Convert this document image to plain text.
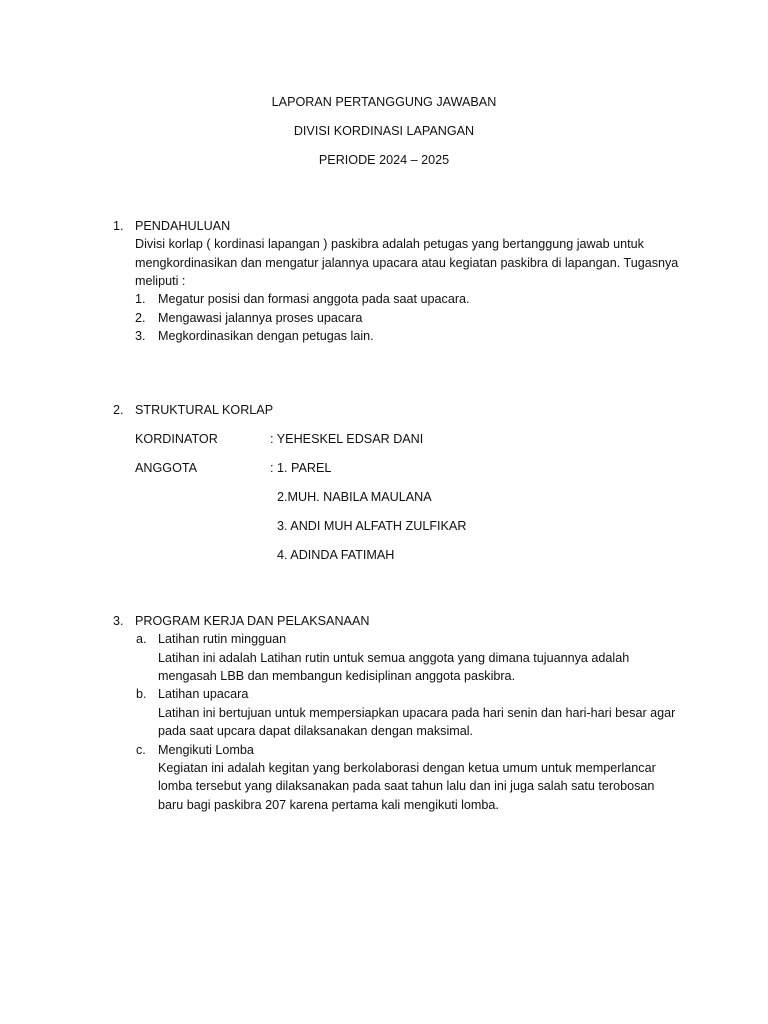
LAPORAN PERTANGGUNG JAWABAN
DIVISI KORDINASI LAPANGAN
PERIODE 2024 – 2025
1. PENDAHULUAN
Divisi korlap ( kordinasi lapangan ) paskibra adalah petugas yang bertanggung jawab untuk
mengkordinasikan dan mengatur jalannya upacara atau kegiatan paskibra di lapangan. Tugasnya
meliputi :
1. Megatur posisi dan formasi anggota pada saat upacara.
2. Mengawasi jalannya proses upacara
3. Megkordinasikan dengan petugas lain.
2. STRUKTURAL KORLAP
KORDINATOR	: YEHESKEL EDSAR DANI
ANGGOTA	: 1. PAREL
2.MUH. NABILA MAULANA
3. ANDI MUH ALFATH ZULFIKAR
4. ADINDA FATIMAH
3. PROGRAM KERJA DAN PELAKSANAAN
a. Latihan rutin mingguan
Latihan ini adalah Latihan rutin untuk semua anggota yang dimana tujuannya adalah
mengasah LBB dan membangun kedisiplinan anggota paskibra.
b. Latihan upacara
Latihan ini bertujuan untuk mempersiapkan upacara pada hari senin dan hari-hari besar agar
pada saat upcara dapat dilaksanakan dengan maksimal.
c. Mengikuti Lomba
Kegiatan ini adalah kegitan yang berkolaborasi dengan ketua umum untuk memperlancar
lomba tersebut yang dilaksanakan pada saat tahun lalu dan ini juga salah satu terobosan
baru bagi paskibra 207 karena pertama kali mengikuti lomba.
